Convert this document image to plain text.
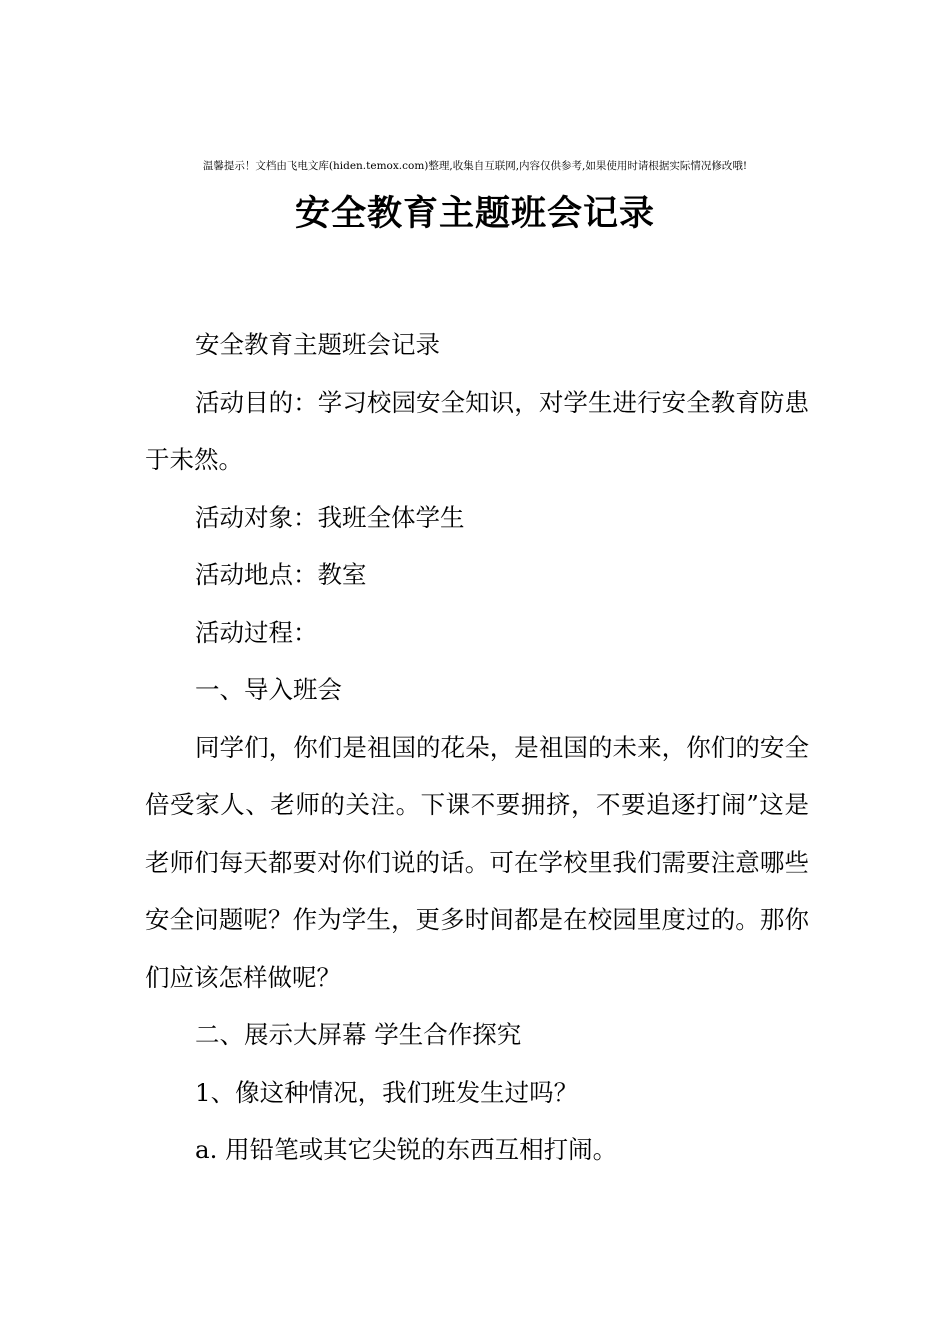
温馨提示！文档由飞电文库(hiden.temox.com)整理,收集自互联网,内容仅供参考,如果使用时请根据实际情况修改哦!
安全教育主题班会记录

安全教育主题班会记录

活动目的：学习校园安全知识，对学生进行安全教育防患于未然。

活动对象：我班全体学生

活动地点：教室

活动过程：

一、导入班会

同学们，你们是祖国的花朵，是祖国的未来，你们的安全倍受家人、老师的关注。下课不要拥挤，不要追逐打闹”这是老师们每天都要对你们说的话。可在学校里我们需要注意哪些安全问题呢？作为学生，更多时间都是在校园里度过的。那你们应该怎样做呢？

二、展示大屏幕 学生合作探究

1、像这种情况，我们班发生过吗？

a. 用铅笔或其它尖锐的东西互相打闹。
